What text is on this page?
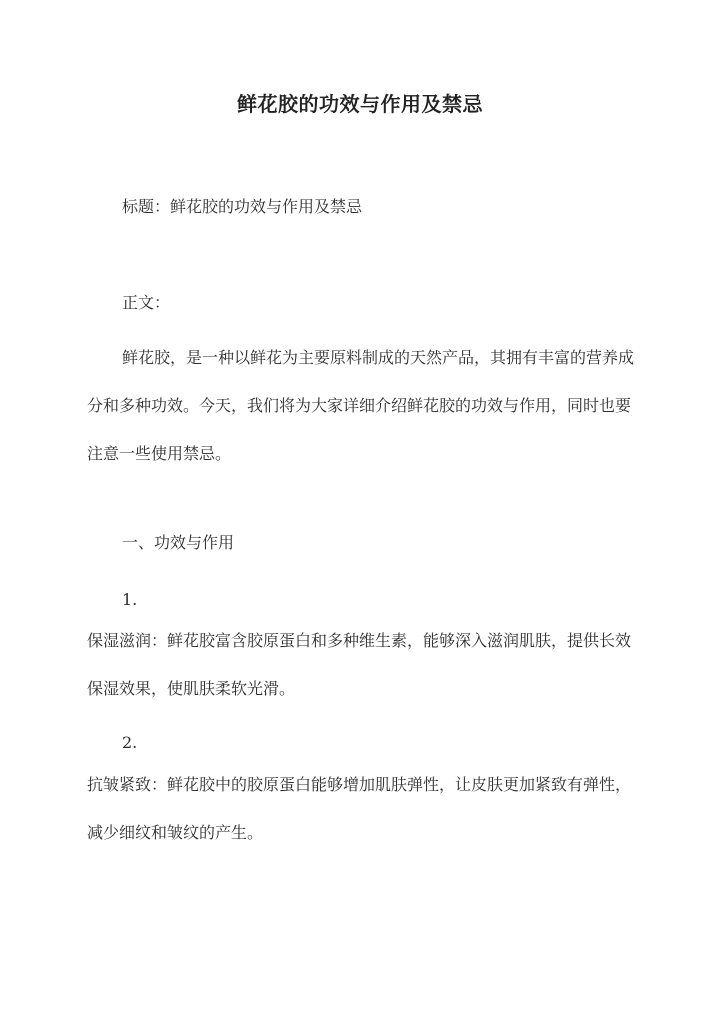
鲜花胶的功效与作用及禁忌
标题：鲜花胶的功效与作用及禁忌
正文：
鲜花胶，是一种以鲜花为主要原料制成的天然产品，其拥有丰富的营养成分和多种功效。今天，我们将为大家详细介绍鲜花胶的功效与作用，同时也要注意一些使用禁忌。
一、功效与作用
1.
保湿滋润：鲜花胶富含胶原蛋白和多种维生素，能够深入滋润肌肤，提供长效保湿效果，使肌肤柔软光滑。
2.
抗皱紧致：鲜花胶中的胶原蛋白能够增加肌肤弹性，让皮肤更加紧致有弹性，减少细纹和皱纹的产生。
